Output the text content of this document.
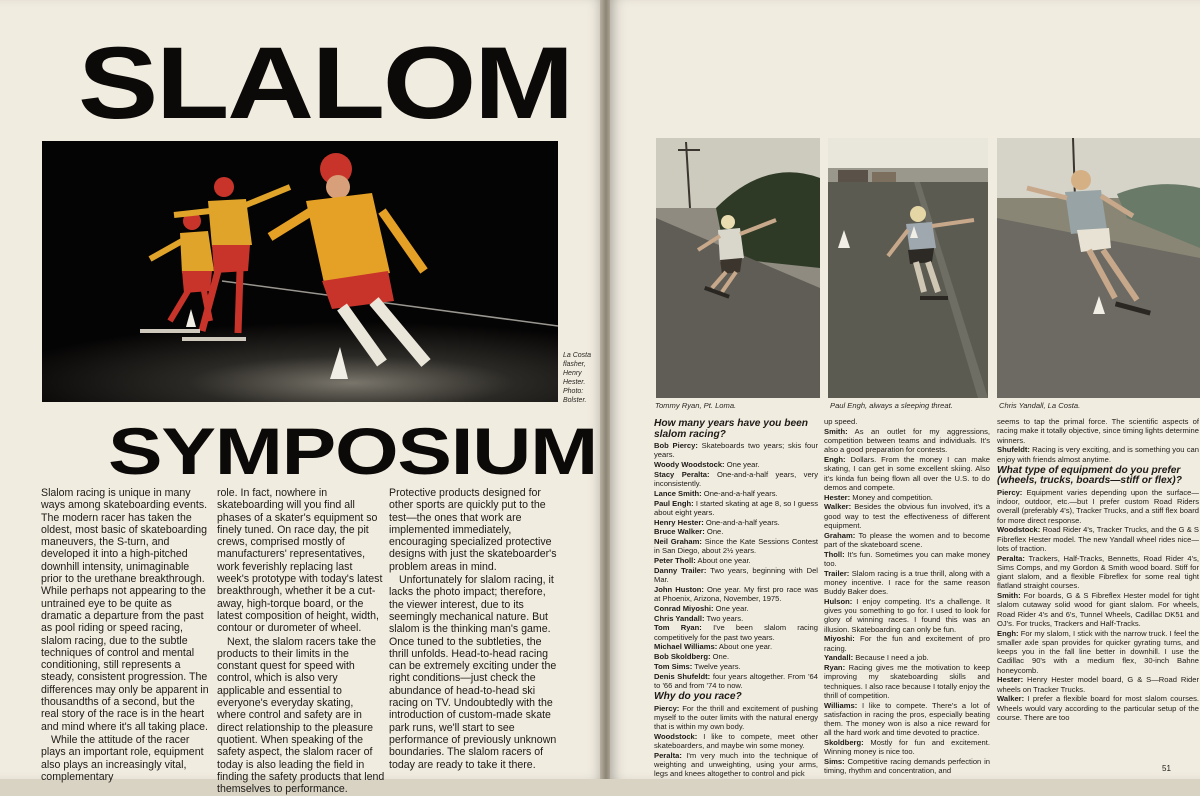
SLALOM
La Costa flasher, Henry Hester. Photo: Bolster.
SYMPOSIUM

Slalom racing is unique in many ways among skateboarding events. The modern racer has taken the oldest, most basic of skateboarding maneuvers, the S-turn, and developed it into a high-pitched downhill intensity, unimaginable prior to the urethane breakthrough. While perhaps not appearing to the untrained eye to be quite as dramatic a departure from the past as pool riding or speed racing, slalom racing, due to the subtle techniques of control and mental conditioning, still represents a steady, consistent progression. The differences may only be apparent in thousandths of a second, but the real story of the race is in the heart and mind where it's all taking place.

While the attitude of the racer plays an important role, equipment also plays an increasingly vital, complementary

role. In fact, nowhere in skateboarding will you find all phases of a skater's equipment so finely tuned. On race day, the pit crews, comprised mostly of manufacturers' representatives, work feverishly replacing last week's prototype with today's latest breakthrough, whether it be a cut-away, high-torque board, or the latest composition of height, width, contour or durometer of wheel.

Next, the slalom racers take the products to their limits in the constant quest for speed with control, which is also very applicable and essential to everyone's everyday skating, where control and safety are in direct relationship to the pleasure quotient. When speaking of the safety aspect, the slalom racer of today is also leading the field in finding the safety products that lend themselves to performance.

Protective products designed for other sports are quickly put to the test—the ones that work are implemented immediately, encouraging specialized protective designs with just the skateboarder's problem areas in mind.

Unfortunately for slalom racing, it lacks the photo impact; therefore, the viewer interest, due to its seemingly mechanical nature. But slalom is the thinking man's game. Once tuned to the subtleties, the thrill unfolds. Head-to-head racing can be extremely exciting under the right conditions—just check the abundance of head-to-head ski racing on TV. Undoubtedly with the introduction of custom-made skate park runs, we'll start to see performance of previously unknown boundaries. The slalom racers of today are ready to take it there.

Tommy Ryan, Pt. Loma.	Paul Engh, always a sleeping threat.	Chris Yandall, La Costa.
How many years have you been slalom racing?
Bob Piercy: Skateboards two years; skis four years.
Woody Woodstock: One year.
Stacy Peralta: One-and-a-half years, very inconsistently.
Lance Smith: One-and-a-half years.
Paul Engh: I started skating at age 8, so I guess about eight years.
Henry Hester: One-and-a-half years.
Bruce Walker: One.
Neil Graham: Since the Kate Sessions Contest in San Diego, about 2½ years.
Peter Tholl: About one year.
Danny Trailer: Two years, beginning with Del Mar.
John Huston: One year. My first pro race was at Phoenix, Arizona, November, 1975.
Conrad Miyoshi: One year.
Chris Yandall: Two years.
Tom Ryan: I've been slalom racing competitively for the past two years.
Michael Williams: About one year.
Bob Skoldberg: One.
Tom Sims: Twelve years.
Denis Shufeldt: four years altogether. From '64 to '66 and from '74 to now.
Why do you race?
Piercy: For the thrill and excitement of pushing myself to the outer limits with the natural energy that is within my own body.
Woodstock: I like to compete, meet other skateboarders, and maybe win some money.
Peralta: I'm very much into the technique of weighting and unweighting, using your arms, legs and knees altogether to control and pick
up speed.
Smith: As an outlet for my aggressions, competition between teams and individuals. It's also a good preparation for contests.
Engh: Dollars. From the money I can make skating, I can get in some excellent skiing. Also it's kinda fun being flown all over the U.S. to do demos and compete.
Hester: Money and competition.
Walker: Besides the obvious fun involved, it's a good way to test the effectiveness of different equipment.
Graham: To please the women and to become part of the skateboard scene.
Tholl: It's fun. Sometimes you can make money too.
Trailer: Slalom racing is a true thrill, along with a money incentive. I race for the same reason Buddy Baker does.
Hulson: I enjoy competing. It's a challenge. It gives you something to go for. I used to look for glory of winning races. I found this was an illusion. Skateboarding can only be fun.
Miyoshi: For the fun and excitement of pro racing.
Yandall: Because I need a job.
Ryan: Racing gives me the motivation to keep improving my skateboarding skills and techniques. I also race because I totally enjoy the thrill of competition.
Williams: I like to compete. There's a lot of satisfaction in racing the pros, especially beating them. The money won is also a nice reward for all the hard work and time devoted to practice.
Skoldberg: Mostly for fun and excitement. Winning money is nice too.
Sims: Competitive racing demands perfection in timing, rhythm and concentration, and
seems to tap the primal force. The scientific aspects of racing make it totally objective, since timing lights determine winners.
Shufeldt: Racing is very exciting, and is something you can enjoy with friends almost anytime.
What type of equipment do you prefer (wheels, trucks, boards—stiff or flex)?
Piercy: Equipment varies depending upon the surface—indoor, outdoor, etc.—but I prefer custom Road Riders overall (preferably 4's), Tracker Trucks, and a stiff flex board for more direct response.
Woodstock: Road Rider 4's, Tracker Trucks, and the G & S Fibreflex Hester model. The new Yandall wheel rides nice—lots of traction.
Peralta: Trackers, Half-Tracks, Bennetts, Road Rider 4's, Sims Comps, and my Gordon & Smith wood board. Stiff for giant slalom, and a flexible Fibreflex for some real tight flatland straight courses.
Smith: For boards, G & S Fibreflex Hester model for tight slalom cutaway solid wood for giant slalom. For wheels, Road Rider 4's and 6's, Tunnel Wheels, Cadillac DK51 and OJ's. For trucks, Trackers and Half-Tracks.
Engh: For my slalom, I stick with the narrow truck. I feel the smaller axle span provides for quicker gyrating turns, and keeps you in the fall line better in downhill. I use the Cadillac 90's with a medium flex, 30-inch Bahne honeycomb.
Hester: Henry Hester model board, G & S—Road Rider wheels on Tracker Trucks.
Walker: I prefer a flexible board for most slalom courses. Wheels would vary according to the particular setup of the course. There are too
51
